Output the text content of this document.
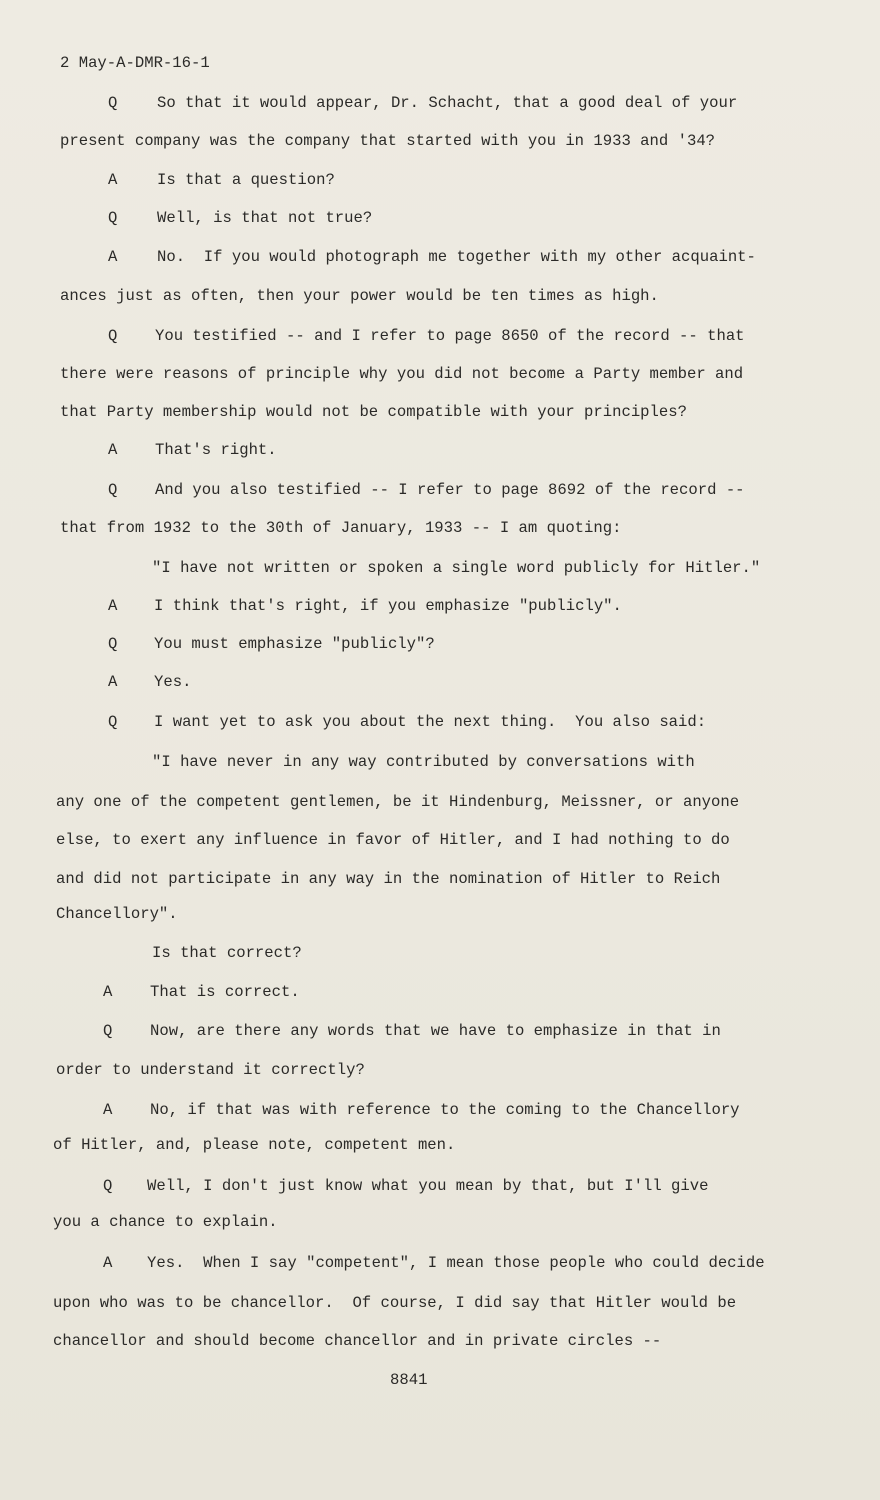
2 May-A-DMR-16-1
Q	So that it would appear, Dr. Schacht, that a good deal of your
present company was the company that started with you in 1933 and '34?
A	Is that a question?
Q	Well, is that not true?
A	No.  If you would photograph me together with my other acquaint-
ances just as often, then your power would be ten times as high.
Q You testified -- and I refer to page 8650 of the record -- that
there were reasons of principle why you did not become a Party member and
that Party membership would not be compatible with your principles?
A That's right.
Q And you also testified -- I refer to page 8692 of the record --
that from 1932 to the 30th of January, 1933 -- I am quoting:
"I have not written or spoken a single word publicly for Hitler."
A I think that's right, if you emphasize "publicly".
Q You must emphasize "publicly"?
A Yes.
Q I want yet to ask you about the next thing.  You also said:
"I have never in any way contributed by conversations with
any one of the competent gentlemen, be it Hindenburg, Meissner, or anyone
else, to exert any influence in favor of Hitler, and I had nothing to do
and did not participate in any way in the nomination of Hitler to Reich
Chancellory".
Is that correct?
A That is correct.
Q Now, are there any words that we have to emphasize in that in
order to understand it correctly?
A No, if that was with reference to the coming to the Chancellory
of Hitler, and, please note, competent men.
Q Well, I don't just know what you mean by that, but I'll give
you a chance to explain.
A Yes.  When I say "competent", I mean those people who could decide
upon who was to be chancellor.  Of course, I did say that Hitler would be
chancellor and should become chancellor and in private circles --
8841
